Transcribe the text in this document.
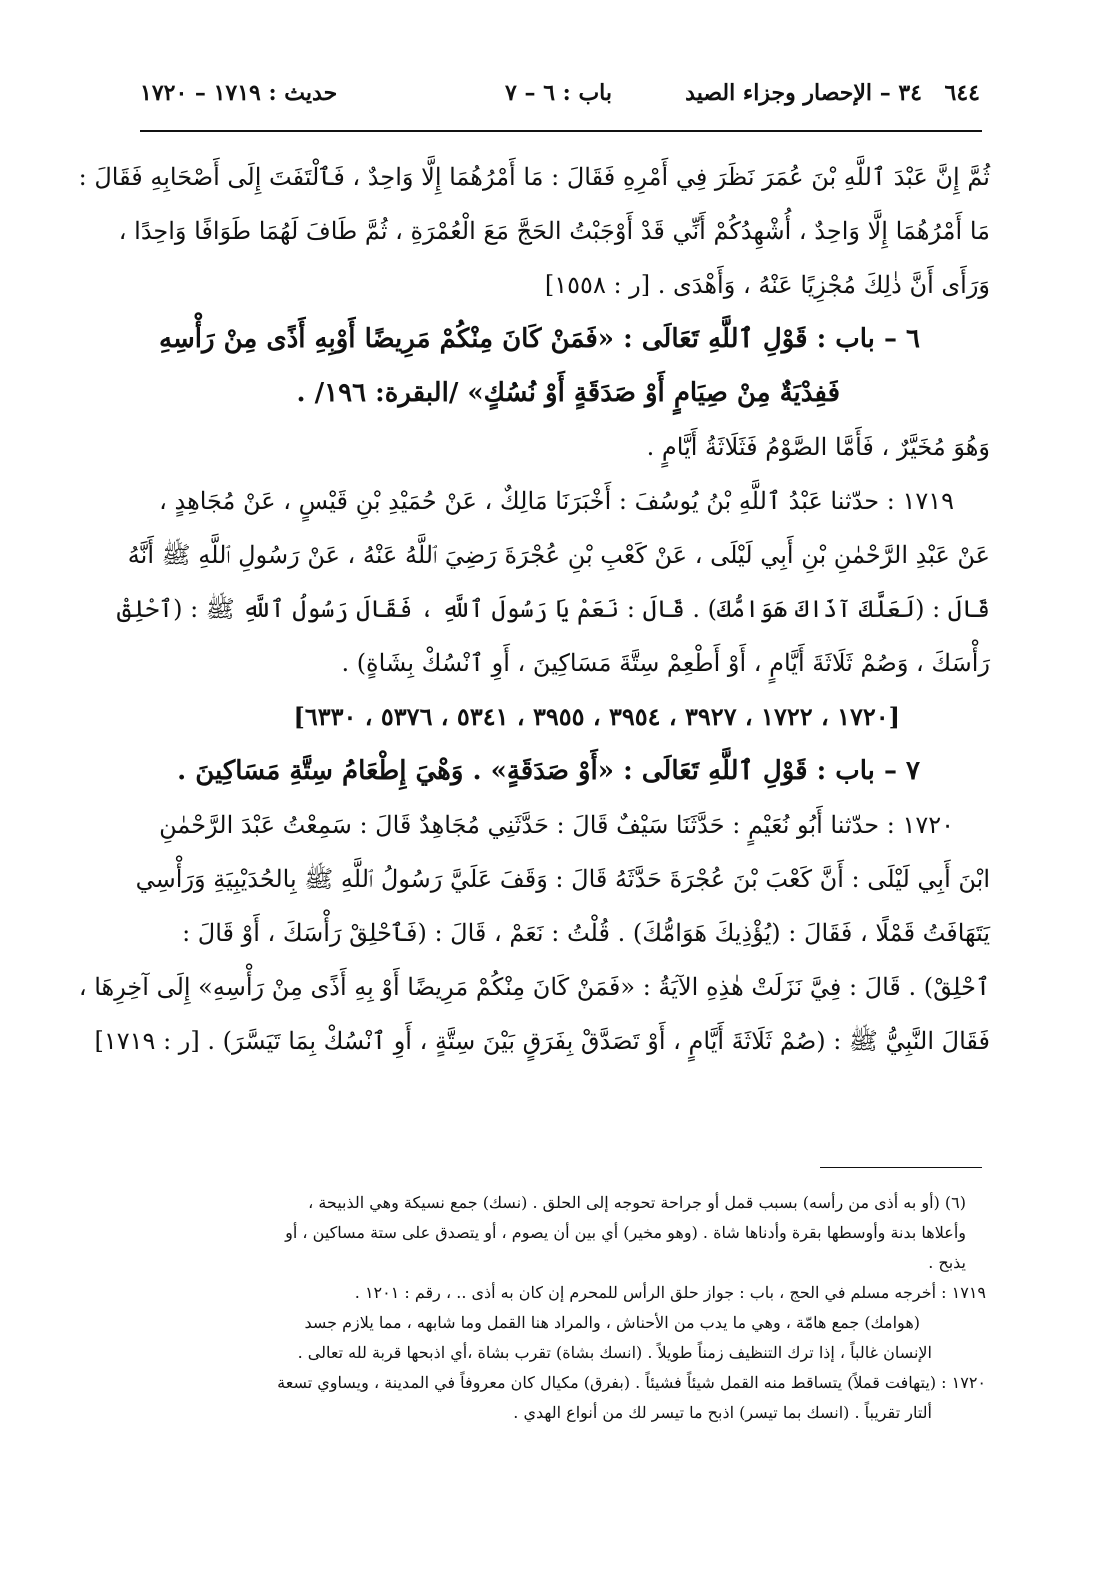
٦٤٤
٣٤ – الإحصار وجزاء الصيد
باب : ٦ – ٧
حديث : ١٧١٩ – ١٧٢٠
ثُمَّ إِنَّ عَبْدَ ٱللَّهِ بْنَ عُمَرَ نَظَرَ فِي أَمْرِهِ فَقَالَ : مَا أَمْرُهُمَا إِلَّا وَاحِدٌ ، فَٱلْتَفَتَ إِلَى أَصْحَابِهِ فَقَالَ :
مَا أَمْرُهُمَا إِلَّا وَاحِدٌ ، أُشْهِدُكُمْ أَنِّي قَدْ أَوْجَبْتُ الحَجَّ مَعَ الْعُمْرَةِ ، ثُمَّ طَافَ لَهُمَا طَوَافًا وَاحِدًا ،
وَرَأَى أَنَّ ذٰلِكَ مُجْزِيًا عَنْهُ ، وَأَهْدَى . [ر : ١٥٥٨]
٦ – باب : قَوْلِ ٱللَّهِ تَعَالَى : «فَمَنْ كَانَ مِنْكُمْ مَرِيضًا أَوْبِهِ أَذًى مِنْ رَأْسِهِ
فَفِدْيَةٌ مِنْ صِيَامٍ أَوْ صَدَقَةٍ أَوْ نُسُكٍ» /البقرة: ١٩٦/ .
وَهُوَ مُخَيَّرٌ ، فَأَمَّا الصَّوْمُ فَثَلَاثَةُ أَيَّامٍ .
١٧١٩ : حدّثنا عَبْدُ ٱللَّهِ بْنُ يُوسُفَ : أَخْبَرَنَا مَالِكٌ ، عَنْ حُمَيْدِ بْنِ قَيْسٍ ، عَنْ مُجَاهِدٍ ،
عَنْ عَبْدِ الرَّحْمٰنِ بْنِ أَبِي لَيْلَى ، عَنْ كَعْبِ بْنِ عُجْرَةَ رَضِيَ ٱللَّهُ عَنْهُ ، عَنْ رَسُولِ ٱللَّهِ ﷺ أَنَّهُ
قَالَ : (لَعَلَّكَ آذَاكَ هَوَامُّكَ) . قَالَ : نَعَمْ يَا رَسُولَ ٱللَّهِ ، فَقَالَ رَسُولُ ٱللَّهِ ﷺ : (ٱحْلِقْ
رَأْسَكَ ، وَصُمْ ثَلَاثَةَ أَيَّامٍ ، أَوْ أَطْعِمْ سِتَّةَ مَسَاكِينَ ، أَوِ ٱنْسُكْ بِشَاةٍ) .
[١٧٢٠ ، ١٧٢٢ ، ٣٩٢٧ ، ٣٩٥٤ ، ٣٩٥٥ ، ٥٣٤١ ، ٥٣٧٦ ، ٦٣٣٠]
٧ – باب : قَوْلِ ٱللَّهِ تَعَالَى : «أَوْ صَدَقَةٍ» . وَهْيَ إِطْعَامُ سِتَّةِ مَسَاكِينَ .
١٧٢٠ : حدّثنا أَبُو نُعَيْمٍ : حَدَّثَنَا سَيْفٌ قَالَ : حَدَّثَنِي مُجَاهِدٌ قَالَ : سَمِعْتُ عَبْدَ الرَّحْمٰنِ
ابْنَ أَبِي لَيْلَى : أَنَّ كَعْبَ بْنَ عُجْرَةَ حَدَّثَهُ قَالَ : وَقَفَ عَلَيَّ رَسُولُ ٱللَّهِ ﷺ بِالحُدَيْبِيَةِ وَرَأْسِي
يَتَهَافَتُ قَمْلًا ، فَقَالَ : (يُؤْذِيكَ هَوَامُّكَ) . قُلْتُ : نَعَمْ ، قَالَ : (فَٱحْلِقْ رَأْسَكَ ، أَوْ قَالَ :
ٱحْلِقْ) . قَالَ : فِيَّ نَزَلَتْ هٰذِهِ الآيَةُ : «فَمَنْ كَانَ مِنْكُمْ مَرِيضًا أَوْ بِهِ أَذًى مِنْ رَأْسِهِ» إِلَى آخِرِهَا ،
فَقَالَ النَّبِيُّ ﷺ : (صُمْ ثَلَاثَةَ أَيَّامٍ ، أَوْ تَصَدَّقْ بِفَرَقٍ بَيْنَ سِتَّةٍ ، أَوِ ٱنْسُكْ بِمَا تَيَسَّرَ) . [ر : ١٧١٩]
(٦) (أو به أذى من رأسه) بسبب قمل أو جراحة تحوجه إلى الحلق . (نسك) جمع نسيكة وهي الذبيحة ،
وأعلاها بدنة وأوسطها بقرة وأدناها شاة . (وهو مخير) أي بين أن يصوم ، أو يتصدق على ستة مساكين ، أو
يذبح .
١٧١٩ : أخرجه مسلم في الحج ، باب : جواز حلق الرأس للمحرم إن كان به أذى .. ، رقم : ١٢٠١ .
(هوامك) جمع هامّة ، وهي ما يدب من الأحناش ، والمراد هنا القمل وما شابهه ، مما يلازم جسد
الإنسان غالباً ، إذا ترك التنظيف زمناً طويلاً . (انسك بشاة) تقرب بشاة ،أي اذبحها قربة لله تعالى .
١٧٢٠ : (يتهافت قملاً) يتساقط منه القمل شيئاً فشيئاً . (بفرق) مكيال كان معروفاً في المدينة ، ويساوي تسعة
ألتار تقريباً . (انسك بما تيسر) اذبح ما تيسر لك من أنواع الهدي .
